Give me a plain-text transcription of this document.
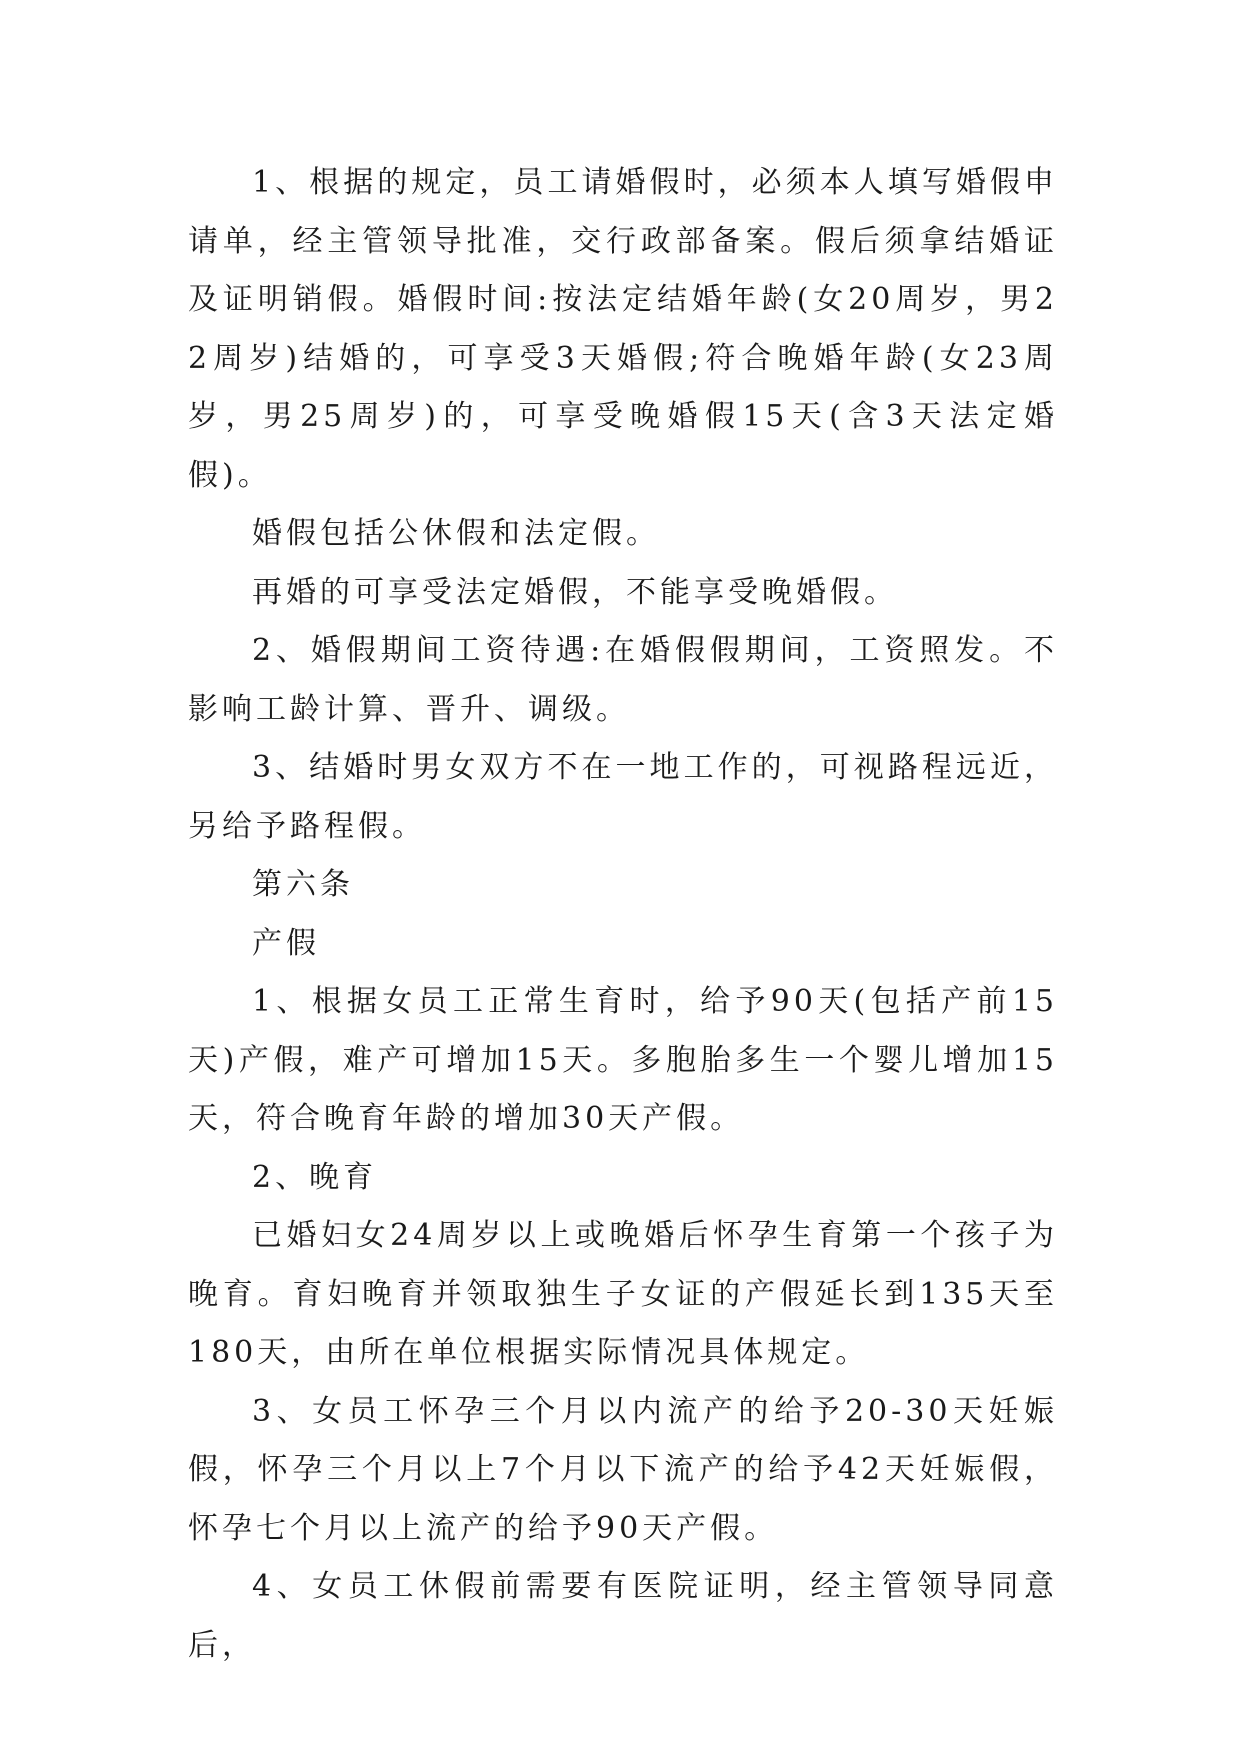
1、根据的规定，员工请婚假时，必须本人填写婚假申请单，经主管领导批准，交行政部备案。假后须拿结婚证及证明销假。婚假时间:按法定结婚年龄(女20周岁，男22周岁)结婚的，可享受3天婚假;符合晚婚年龄(女23周岁，男25周岁)的，可享受晚婚假15天(含3天法定婚假)。

婚假包括公休假和法定假。

再婚的可享受法定婚假，不能享受晚婚假。

2、婚假期间工资待遇:在婚假假期间，工资照发。不影响工龄计算、晋升、调级。

3、结婚时男女双方不在一地工作的，可视路程远近，另给予路程假。

第六条

产假

1、根据女员工正常生育时，给予90天(包括产前15天)产假，难产可增加15天。多胞胎多生一个婴儿增加15天，符合晚育年龄的增加30天产假。

2、晚育

已婚妇女24周岁以上或晚婚后怀孕生育第一个孩子为晚育。育妇晚育并领取独生子女证的产假延长到135天至180天，由所在单位根据实际情况具体规定。

3、女员工怀孕三个月以内流产的给予20-30天妊娠假，怀孕三个月以上7个月以下流产的给予42天妊娠假，怀孕七个月以上流产的给予90天产假。

4、女员工休假前需要有医院证明，经主管领导同意后，
